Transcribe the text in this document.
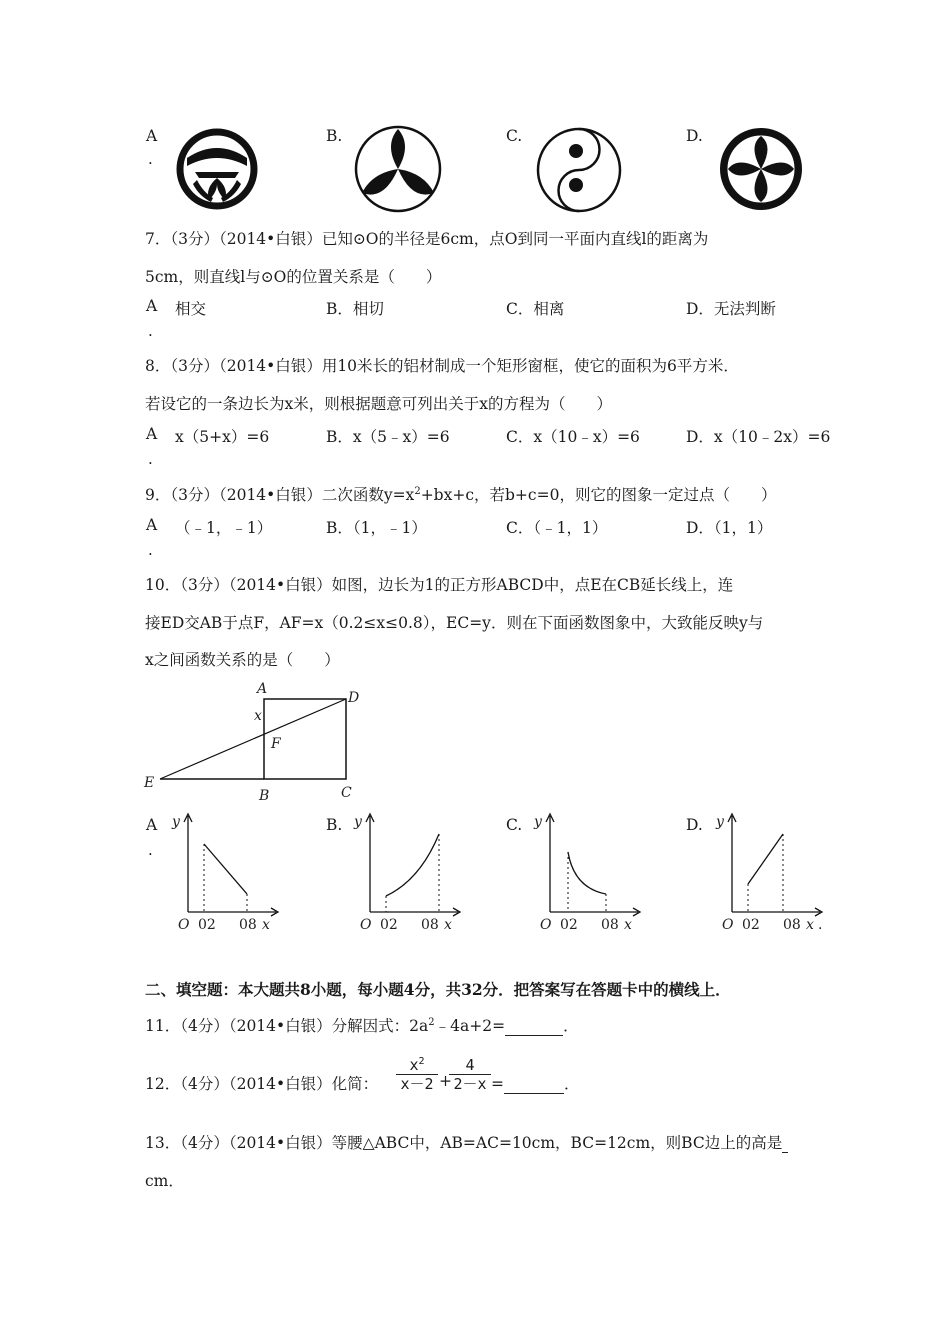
A
.
B.	C.	D.
7．（3分）（2014•白银）已知⊙O的半径是6cm，点O到同一平面内直线l的距离为
5cm，则直线l与⊙O的位置关系是（　　）
A 相交
.
B．相切	C．相离	D．无法判断
8．（3分）（2014•白银）用10米长的铝材制成一个矩形窗框，使它的面积为6平方米．
若设它的一条边长为x米，则根据题意可列出关于x的方程为（　　）
A x（5+x）=6
.
B．x（5﹣x）=6	C．x（10﹣x）=6	D．x（10﹣2x）=6
9．（3分）（2014•白银）二次函数$y=x^2+bx+c$，若b+c=0，则它的图象一定过点（　　）
A （﹣1，﹣1）
.
B．（1，﹣1）	C．（﹣1，1）	D．（1，1）
10．（3分）（2014•白银）如图，边长为1的正方形ABCD中，点E在CB延长线上，连
接ED交AB于点F，AF=x（0.2≤x≤0.8），EC=y．则在下面函数图象中，大致能反映y与
x之间函数关系的是（　　）
A
D
x
F
E
B	C
A
.
B.	C.	D.
y
O 02 08 x
y
O 02 08 x
y
O 02 08 x
y
O 02 08 x .
二、填空题：本大题共8小题，每小题4分，共32分．把答案写在答题卡中的横线上．
11．（4分）（2014•白银）分解因式：$2a^2﹣4a+2=$	．
12．（4分）（2014•白银）化简：
$x^2$
x－2 +
4
2－x =	．
13．（4分）（2014•白银）等腰△ABC中，AB=AC=10cm，BC=12cm，则BC边上的高是
cm．
